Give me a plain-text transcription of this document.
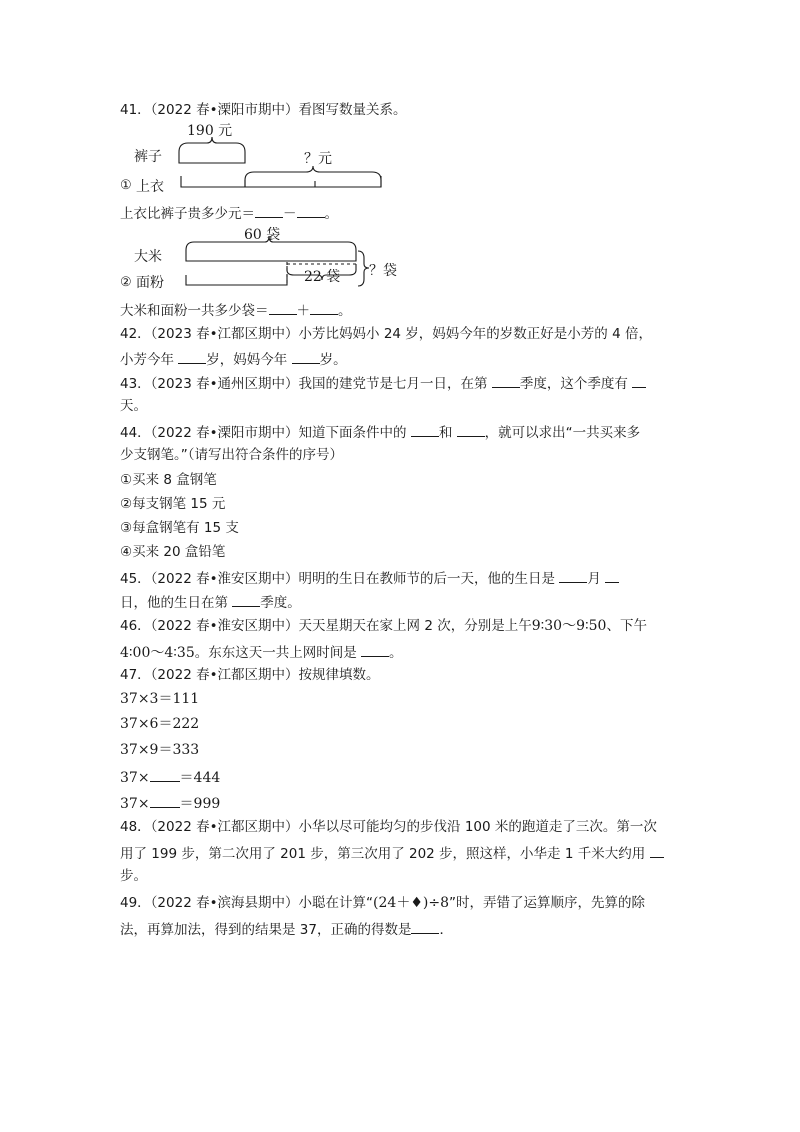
41．（2022 春•溧阳市期中）看图写数量关系。
190 元
裤子	？元
① 上衣
上衣比裤子贵多少元＝ － 。
60 袋
大米
22 袋 ？袋
② 面粉
大米和面粉一共多少袋＝ ＋ 。
42．（2023 春•江都区期中）小芳比妈妈小 24 岁，妈妈今年的岁数正好是小芳的 4 倍，
小芳今年 岁，妈妈今年 岁。
43．（2023 春•通州区期中）我国的建党节是七月一日，在第 季度，这个季度有
天。
44．（2022 春•溧阳市期中）知道下面条件中的 和 ，就可以求出“一共买来多
少支钢笔。”（请写出符合条件的序号）
①买来 8 盒钢笔
②每支钢笔 15 元
③每盒钢笔有 15 支
④买来 20 盒铅笔
45．（2022 春•淮安区期中）明明的生日在教师节的后一天，他的生日是 月
日，他的生日在第 季度。
46．（2022 春•淮安区期中）天天星期天在家上网 2 次，分别是上午9∶30～9∶50、下午
4∶00～4∶35。东东这天一共上网时间是 。
47．（2022 春•江都区期中）按规律填数。
37×3＝111
37×6＝222
37×9＝333
37× ＝444
37× ＝999
48．（2022 春•江都区期中）小华以尽可能均匀的步伐沿 100 米的跑道走了三次。第一次
用了 199 步，第二次用了 201 步，第三次用了 202 步，照这样，小华走 1 千米大约用
步。
49．（2022 春•滨海县期中）小聪在计算“(24＋♦)÷8”时，弄错了运算顺序，先算的除
法，再算加法，得到的结果是 37，正确的得数是 ．
